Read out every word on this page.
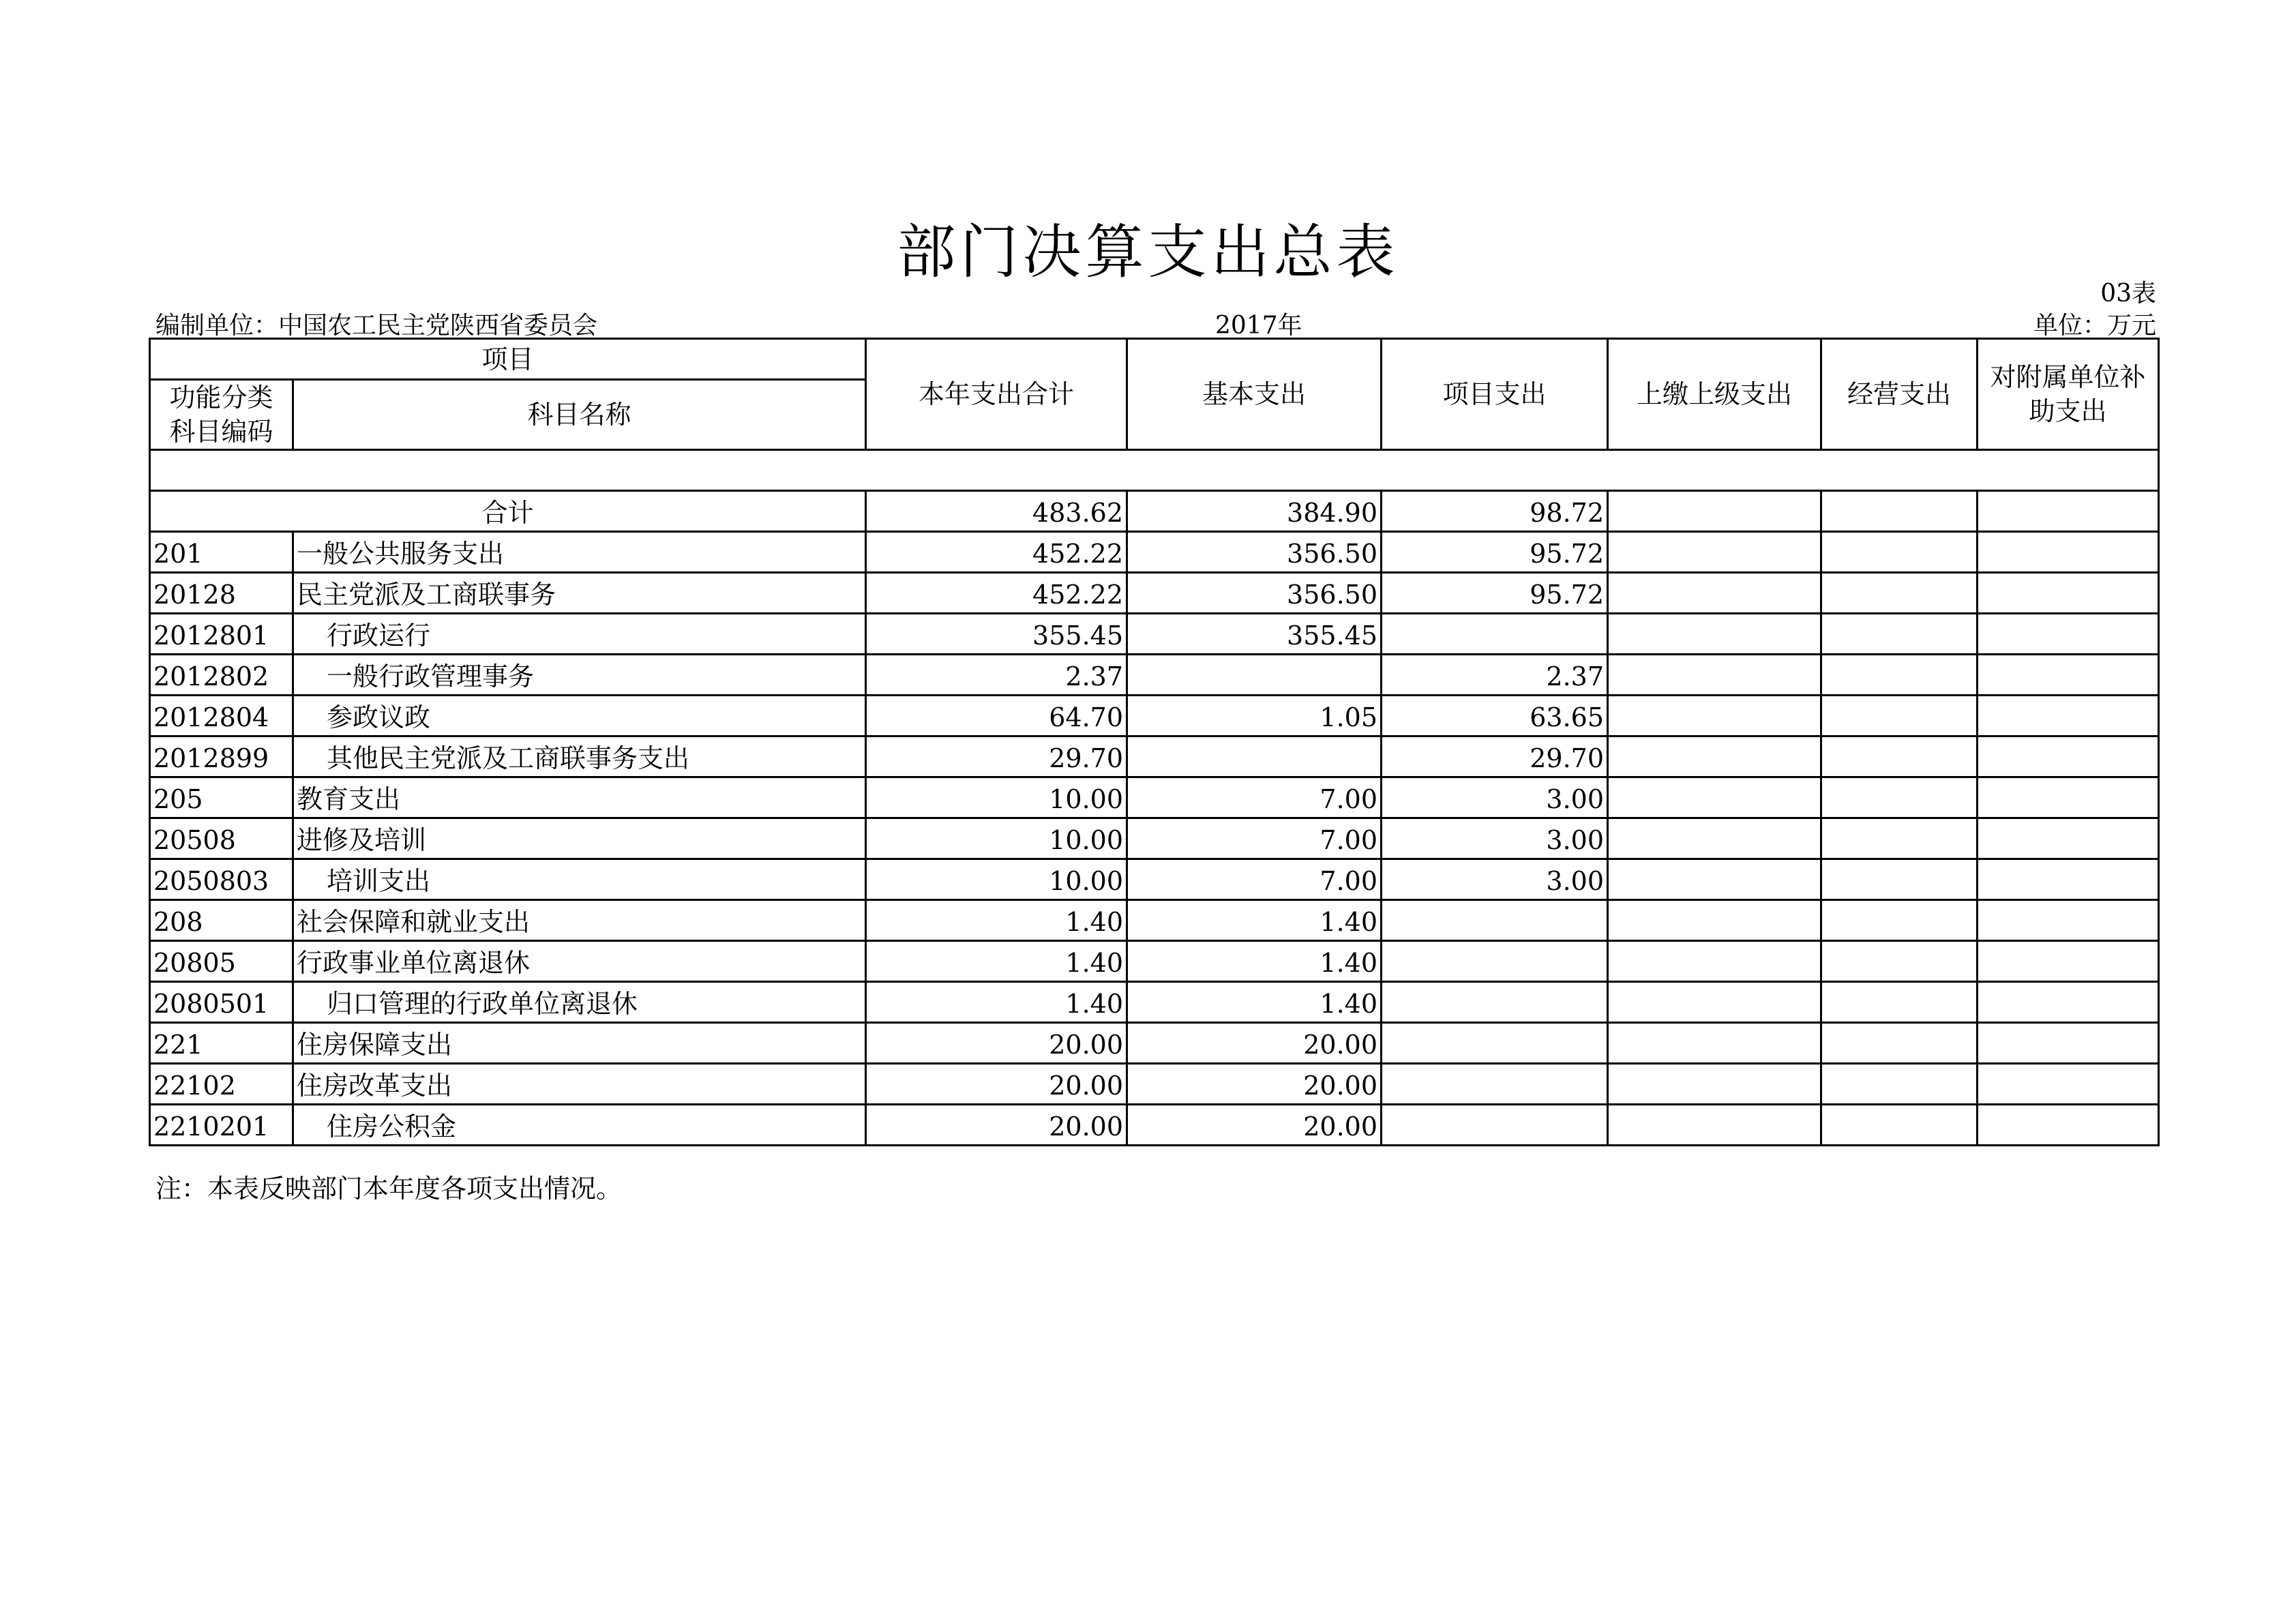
部门决算支出总表
03表
编制单位：中国农工民主党陕西省委员会	2017年	单位：万元
项目		本年支出合计	基本支出	项目支出	上缴上级支出	经营支出	对附属单位补助支出
功能分类科目编码	科目名称						

合计		483.62	384.90	98.72			
201	一般公共服务支出	452.22	356.50	95.72			
20128	民主党派及工商联事务	452.22	356.50	95.72			
2012801	行政运行	355.45	355.45				
2012802	一般行政管理事务	2.37		2.37			
2012804	参政议政	64.70	1.05	63.65			
2012899	其他民主党派及工商联事务支出	29.70		29.70			
205	教育支出	10.00	7.00	3.00			
20508	进修及培训	10.00	7.00	3.00			
2050803	培训支出	10.00	7.00	3.00			
208	社会保障和就业支出	1.40	1.40				
20805	行政事业单位离退休	1.40	1.40				
2080501	归口管理的行政单位离退休	1.40	1.40				
221	住房保障支出	20.00	20.00				
22102	住房改革支出	20.00	20.00				
2210201	住房公积金	20.00	20.00				
注：本表反映部门本年度各项支出情况。
